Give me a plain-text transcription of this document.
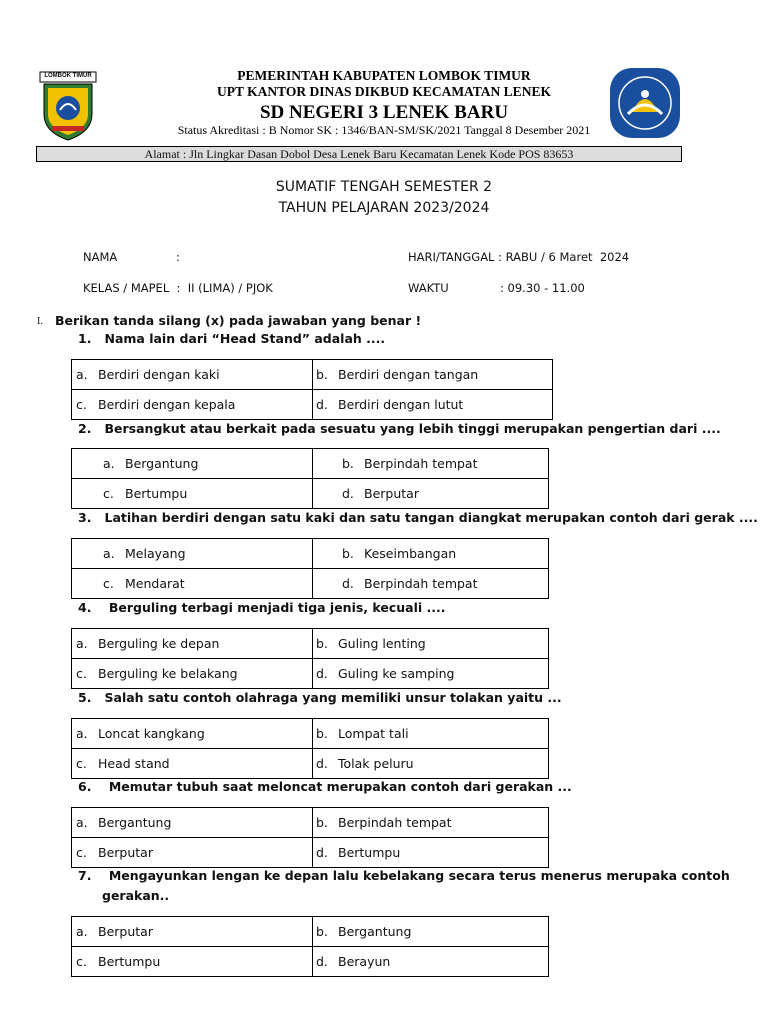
LOMBOK TIMUR	PEMERINTAH KABUPATEN LOMBOK TIMUR
UPT KANTOR DINAS DIKBUD KECAMATAN LENEK
SD NEGERI 3 LENEK BARU
Status Akreditasi : B Nomor SK : 1346/BAN-SM/SK/2021 Tanggal 8 Desember 2021
Alamat : Jln Lingkar Dasan Dobol Desa Lenek Baru Kecamatan Lenek Kode POS 83653
SUMATIF TENGAH SEMESTER 2
TAHUN PELAJARAN 2023/2024
NAMA	:	HARI/TANGGAL : RABU / 6 Maret  2024
KELAS / MAPEL  :  II (LIMA) / PJOK	WAKTU	: 09.30 - 11.00
I. Berikan tanda silang (x) pada jawaban yang benar !
1.   Nama lain dari “Head Stand” adalah ....
a. Berdiri dengan kaki	b. Berdiri dengan tangan

c. Berdiri dengan kepala	d. Berdiri dengan lutut
2.   Bersangkut atau berkait pada sesuatu yang lebih tinggi merupakan pengertian dari ....
a. Bergantung	b. Berpindah tempat

c. Bertumpu	d. Berputar
3.   Latihan berdiri dengan satu kaki dan satu tangan diangkat merupakan contoh dari gerak ....
a. Melayang	b. Keseimbangan

c. Mendarat	d. Berpindah tempat
4.    Berguling terbagi menjadi tiga jenis, kecuali ....
a. Berguling ke depan	b. Guling lenting

c. Berguling ke belakang	d. Guling ke samping
5.   Salah satu contoh olahraga yang memiliki unsur tolakan yaitu ...
a. Loncat kangkang	b. Lompat tali

c. Head stand	d. Tolak peluru
6.    Memutar tubuh saat meloncat merupakan contoh dari gerakan ...
a. Bergantung	b. Berpindah tempat

c. Berputar	d. Bertumpu
7.    Mengayunkan lengan ke depan lalu kebelakang secara terus menerus merupaka contoh
gerakan..
a. Berputar	b. Bergantung

c. Bertumpu	d. Berayun
